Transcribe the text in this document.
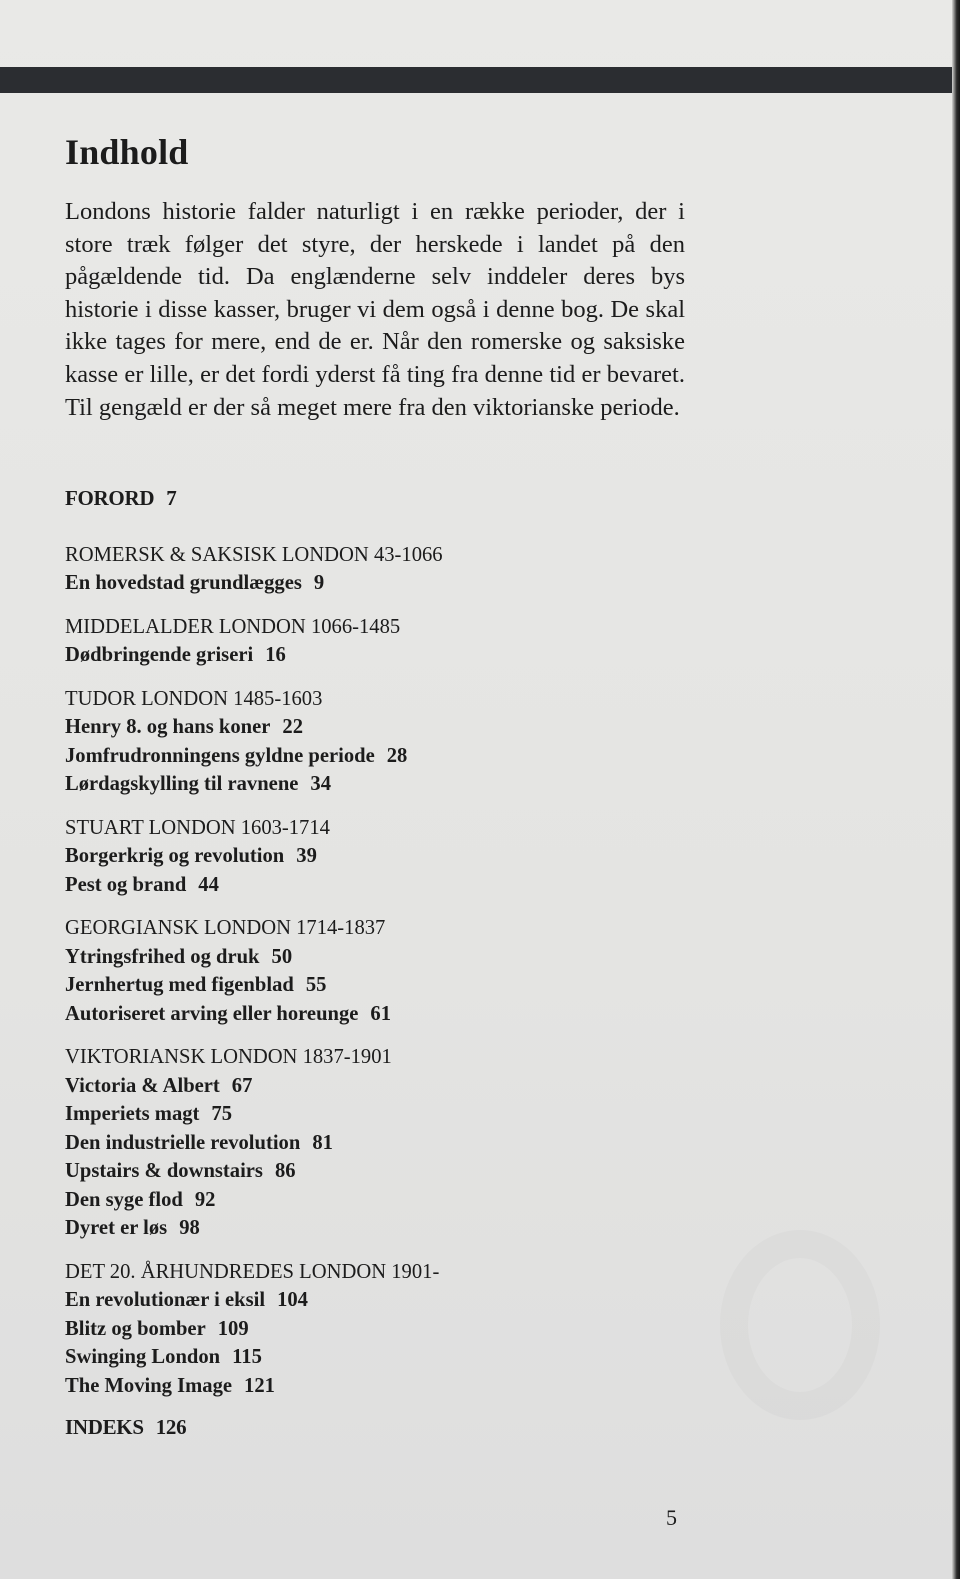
Indhold

Londons historie falder naturligt i en række perioder, der i store træk følger det styre, der herskede i landet på den pågældende tid. Da englænderne selv inddeler deres bys historie i disse kasser, bruger vi dem også i denne bog. De skal ikke tages for mere, end de er. Når den romerske og saksiske kasse er lille, er det fordi yderst få ting fra denne tid er bevaret. Til gengæld er der så meget mere fra den viktorianske periode.

FORORD 7
ROMERSK & SAKSISK LONDON 43-1066
En hovedstad grundlægges 9
MIDDELALDER LONDON 1066-1485
Dødbringende griseri 16
TUDOR LONDON 1485-1603
Henry 8. og hans koner 22
Jomfrudronningens gyldne periode 28
Lørdagskylling til ravnene 34
STUART LONDON 1603-1714
Borgerkrig og revolution 39
Pest og brand 44
GEORGIANSK LONDON 1714-1837
Ytringsfrihed og druk 50
Jernhertug med figenblad 55
Autoriseret arving eller horeunge 61
VIKTORIANSK LONDON 1837-1901
Victoria & Albert 67
Imperiets magt 75
Den industrielle revolution 81
Upstairs & downstairs 86
Den syge flod 92
Dyret er løs 98
DET 20. ÅRHUNDREDES LONDON 1901-
En revolutionær i eksil 104
Blitz og bomber 109
Swinging London 115
The Moving Image 121
INDEKS 126
5
